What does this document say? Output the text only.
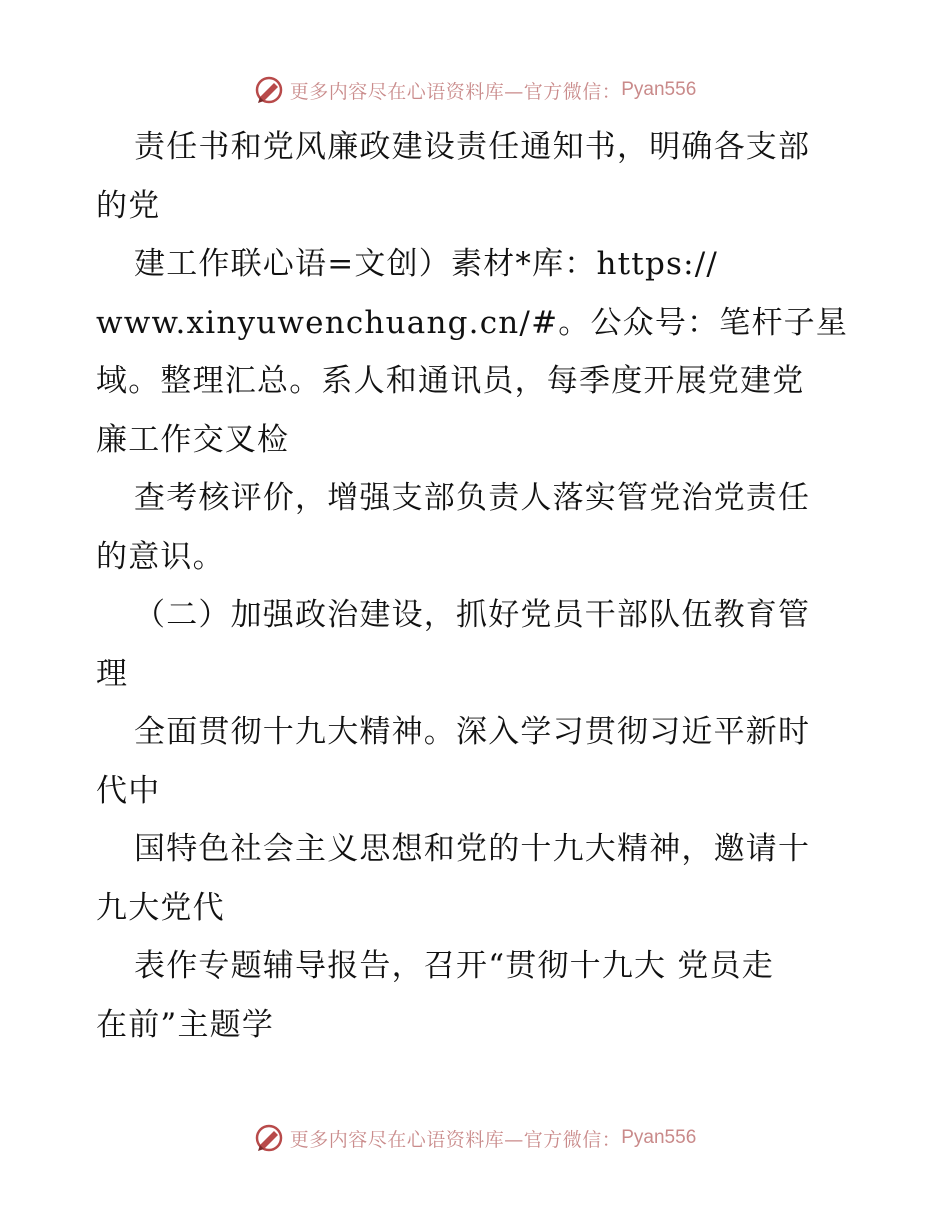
更多内容尽在心语资料库—官方微信： Pyan556
责任书和党风廉政建设责任通知书，明确各支部
的党
建工作联心语=文创）素材*库：https://
www.xinyuwenchuang.cn/#。公众号：笔杆子星
域。整理汇总。系人和通讯员，每季度开展党建党
廉工作交叉检
查考核评价，增强支部负责人落实管党治党责任
的意识。
（二）加强政治建设，抓好党员干部队伍教育管
理
全面贯彻十九大精神。深入学习贯彻习近平新时
代中
国特色社会主义思想和党的十九大精神，邀请十
九大党代
表作专题辅导报告，召开“贯彻十九大 党员走
在前”主题学
更多内容尽在心语资料库—官方微信： Pyan556
